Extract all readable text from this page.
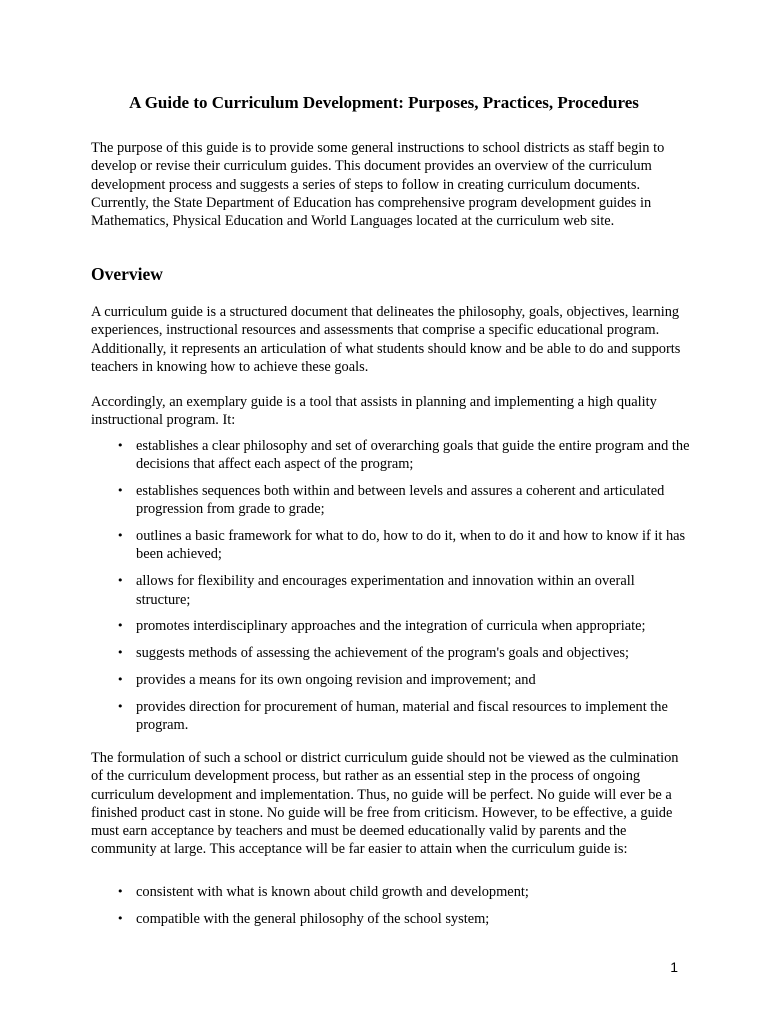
A Guide to Curriculum Development: Purposes, Practices, Procedures

The purpose of this guide is to provide some general instructions to school districts as staff begin to develop or revise their curriculum guides. This document provides an overview of the curriculum development process and suggests a series of steps to follow in creating curriculum documents. Currently, the State Department of Education has comprehensive program development guides in Mathematics, Physical Education and World Languages located at the curriculum web site.

Overview

A curriculum guide is a structured document that delineates the philosophy, goals, objectives, learning experiences, instructional resources and assessments that comprise a specific educational program. Additionally, it represents an articulation of what students should know and be able to do and supports teachers in knowing how to achieve these goals.

Accordingly, an exemplary guide is a tool that assists in planning and implementing a high quality instructional program. It:

• establishes a clear philosophy and set of overarching goals that guide the entire program and the decisions that affect each aspect of the program;
• establishes sequences both within and between levels and assures a coherent and articulated progression from grade to grade;
• outlines a basic framework for what to do, how to do it, when to do it and how to know if it has been achieved;
• allows for flexibility and encourages experimentation and innovation within an overall structure;
• promotes interdisciplinary approaches and the integration of curricula when appropriate;
• suggests methods of assessing the achievement of the program's goals and objectives;
• provides a means for its own ongoing revision and improvement; and
• provides direction for procurement of human, material and fiscal resources to implement the program.

The formulation of such a school or district curriculum guide should not be viewed as the culmination of the curriculum development process, but rather as an essential step in the process of ongoing curriculum development and implementation. Thus, no guide will be perfect. No guide will ever be a finished product cast in stone. No guide will be free from criticism. However, to be effective, a guide must earn acceptance by teachers and must be deemed educationally valid by parents and the community at large. This acceptance will be far easier to attain when the curriculum guide is:

• consistent with what is known about child growth and development;
• compatible with the general philosophy of the school system;
1
